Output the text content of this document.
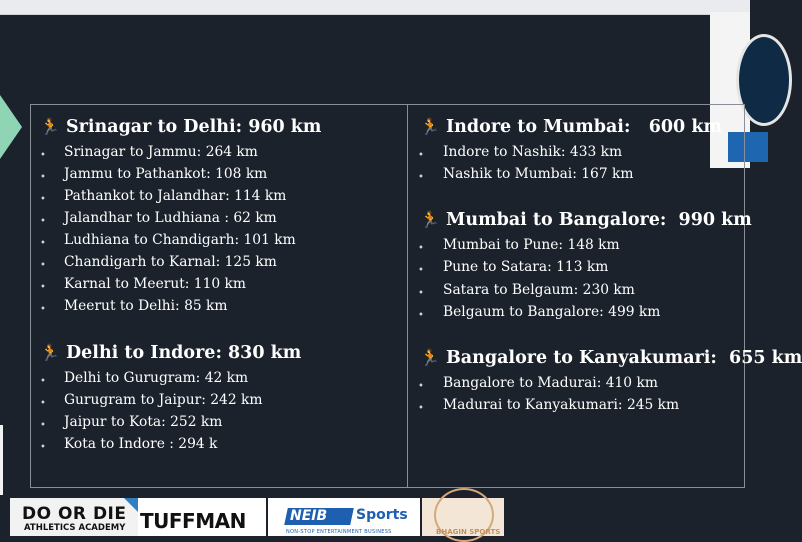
🏃 Srinagar to Delhi: 960 km
• Srinagar to Jammu: 264 km
• Jammu to Pathankot: 108 km
• Pathankot to Jalandhar: 114 km
• Jalandhar to Ludhiana : 62 km
• Ludhiana to Chandigarh: 101 km
• Chandigarh to Karnal: 125 km
• Karnal to Meerut: 110 km
• Meerut to Delhi: 85 km
🏃 Delhi to Indore: 830 km
• Delhi to Gurugram: 42 km
• Gurugram to Jaipur: 242 km
• Jaipur to Kota: 252 km
• Kota to Indore : 294 k
🏃 Indore to Mumbai: 600 km
• Indore to Nashik: 433 km
• Nashik to Mumbai: 167 km
🏃 Mumbai to Bangalore: 990 km
• Mumbai to Pune: 148 km
• Pune to Satara: 113 km
• Satara to Belgaum: 230 km
• Belgaum to Bangalore: 499 km
🏃 Bangalore to Kanyakumari: 655 km
• Bangalore to Madurai: 410 km
• Madurai to Kanyakumari: 245 km
DO OR DIE
ATHLETICS ACADEMY TUFFMAN	NEIB Sports
NON-STOP ENTERTAINMENT BUSINESS	BHAGIN SPORTS
